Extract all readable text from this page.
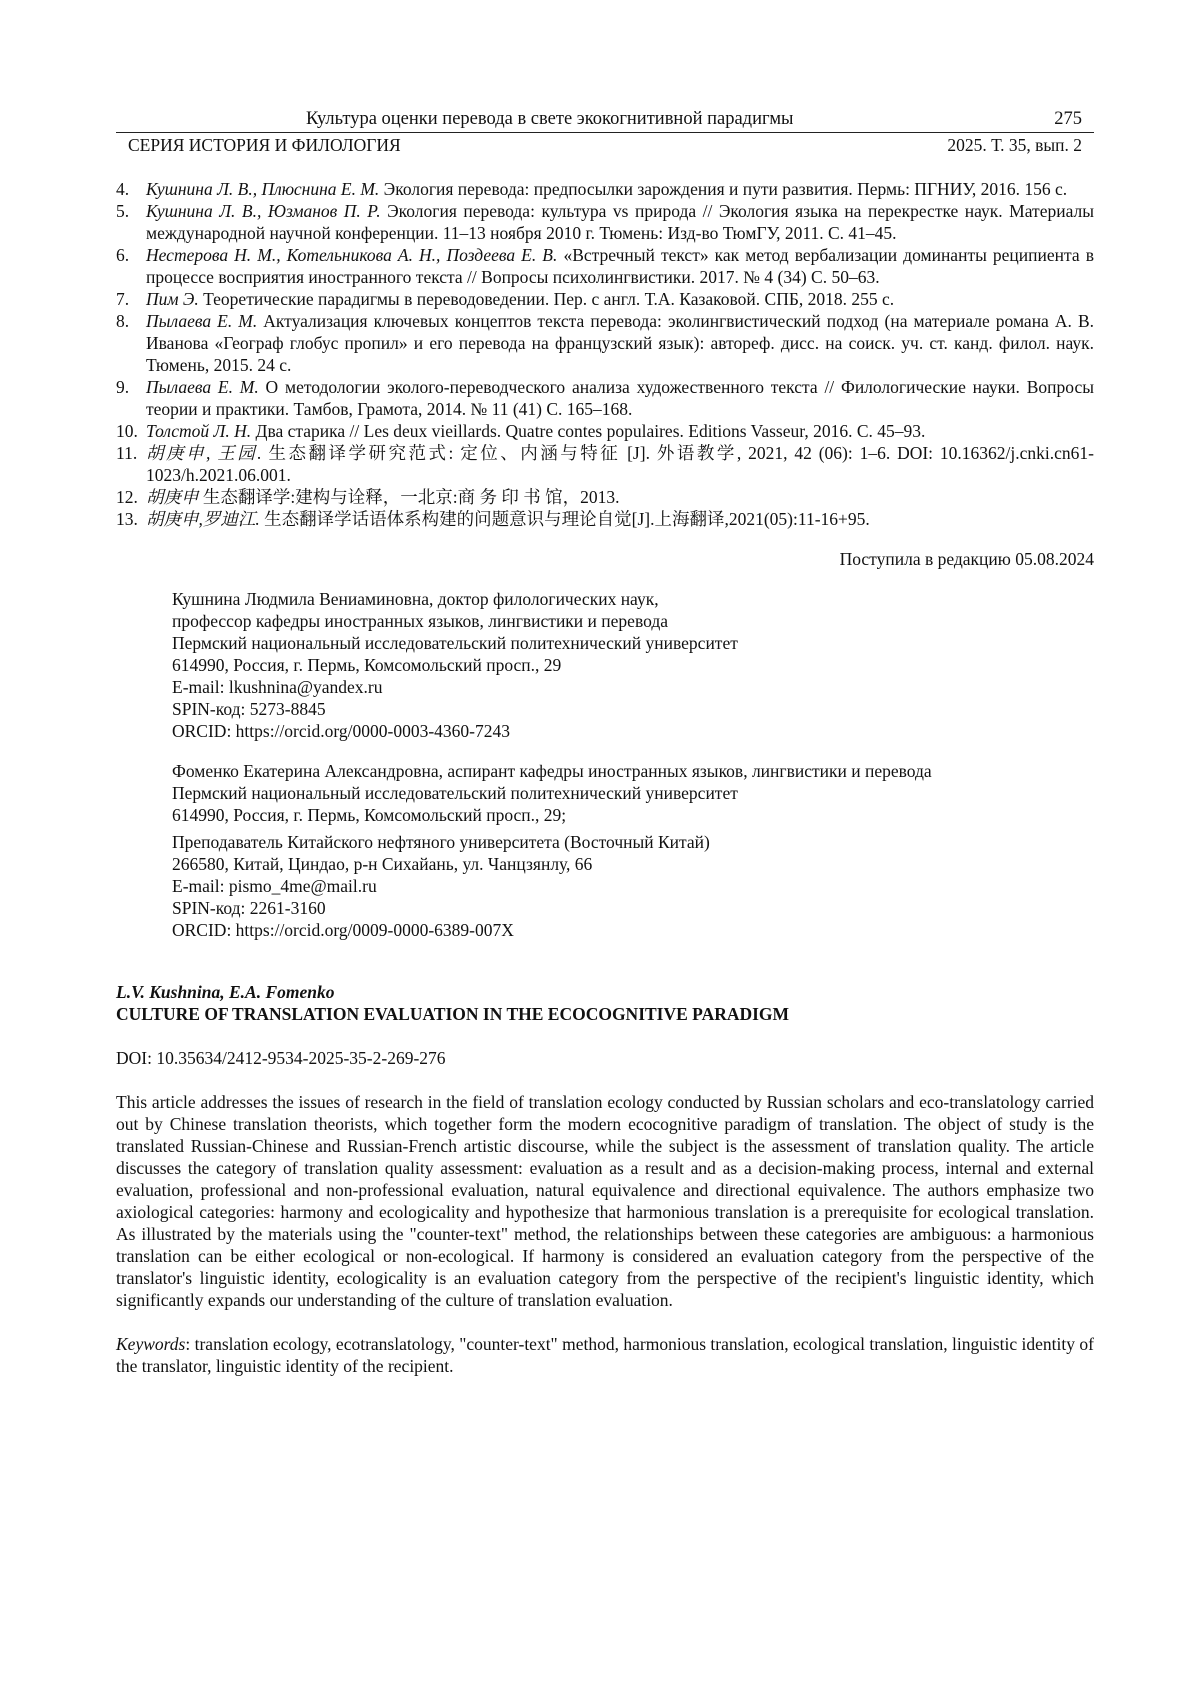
Культура оценки перевода в свете экокогнитивной парадигмы	275
СЕРИЯ ИСТОРИЯ И ФИЛОЛОГИЯ	2025. Т. 35, вып. 2
4. Кушнина Л. В., Плюснина Е. М. Экология перевода: предпосылки зарождения и пути развития. Пермь: ПГНИУ, 2016. 156 с.
5. Кушнина Л. В., Юзманов П. Р. Экология перевода: культура vs природа // Экология языка на перекрестке наук. Материалы международной научной конференции. 11–13 ноября 2010 г. Тюмень: Изд-во ТюмГУ, 2011. С. 41–45.
6. Нестерова Н. М., Котельникова А. Н., Поздеева Е. В. «Встречный текст» как метод вербализации доминанты реципиента в процессе восприятия иностранного текста // Вопросы психолингвистики. 2017. № 4 (34) С. 50–63.
7. Пим Э. Теоретические парадигмы в переводоведении. Пер. с англ. Т.А. Казаковой. СПБ, 2018. 255 с.
8. Пылаева Е. М. Актуализация ключевых концептов текста перевода: эколингвистический подход (на материале романа А. В. Иванова «Географ глобус пропил» и его перевода на французский язык): автореф. дисс. на соиск. уч. ст. канд. филол. наук. Тюмень, 2015. 24 с.
9. Пылаева Е. М. О методологии эколого-переводческого анализа художественного текста // Филологические науки. Вопросы теории и практики. Тамбов, Грамота, 2014. № 11 (41) С. 165–168.
10. Толстой Л. Н. Два старика // Les deux vieillards. Quatre contes populaires. Editions Vasseur, 2016. С. 45–93.
11. 胡庚申, 王园. 生态翻译学研究范式: 定位、内涵与特征 [J]. 外语教学, 2021, 42 (06): 1–6. DOI: 10.16362/j.cnki.cn61-1023/h.2021.06.001.
12. 胡庚申 生态翻译学:建构与诠释，一北京:商 务 印 书 馆，2013.
13. 胡庚申,罗迪江. 生态翻译学话语体系构建的问题意识与理论自觉[J].上海翻译,2021(05):11-16+95.
Поступила в редакцию 05.08.2024

Кушнина Людмила Вениаминовна, доктор филологических наук,

профессор кафедры иностранных языков, лингвистики и перевода

Пермский национальный исследовательский политехнический университет

614990, Россия, г. Пермь, Комсомольский просп., 29

E-mail: lkushnina@yandex.ru

SPIN-код: 5273-8845

ORCID: https://orcid.org/0000-0003-4360-7243

Фоменко Екатерина Александровна, аспирант кафедры иностранных языков, лингвистики и перевода

Пермский национальный исследовательский политехнический университет

614990, Россия, г. Пермь, Комсомольский просп., 29;

Преподаватель Китайского нефтяного университета (Восточный Китай)

266580, Китай, Циндао, р-н Сихайань, ул. Чанцзянлу, 66

E-mail: pismo_4me@mail.ru

SPIN-код: 2261-3160

ORCID: https://orcid.org/0009-0000-6389-007X

L.V. Kushnina, E.A. Fomenko
CULTURE OF TRANSLATION EVALUATION IN THE ECOCOGNITIVE PARADIGM
DOI: 10.35634/2412-9534-2025-35-2-269-276
This article addresses the issues of research in the field of translation ecology conducted by Russian scholars and eco-translatology carried out by Chinese translation theorists, which together form the modern ecocognitive paradigm of translation. The object of study is the translated Russian-Chinese and Russian-French artistic discourse, while the subject is the assessment of translation quality. The article discusses the category of translation quality assessment: evaluation as a result and as a decision-making process, internal and external evaluation, professional and non-professional evaluation, natural equivalence and directional equivalence. The authors emphasize two axiological categories: harmony and ecologicality and hypothesize that harmonious translation is a prerequisite for ecological translation. As illustrated by the materials using the "counter-text" method, the relationships between these categories are ambiguous: a harmonious translation can be either ecological or non-ecological. If harmony is considered an evaluation category from the perspective of the translator's linguistic identity, ecologicality is an evaluation category from the perspective of the recipient's linguistic identity, which significantly expands our understanding of the culture of translation evaluation.
Keywords: translation ecology, ecotranslatology, "counter-text" method, harmonious translation, ecological translation, linguistic identity of the translator, linguistic identity of the recipient.
